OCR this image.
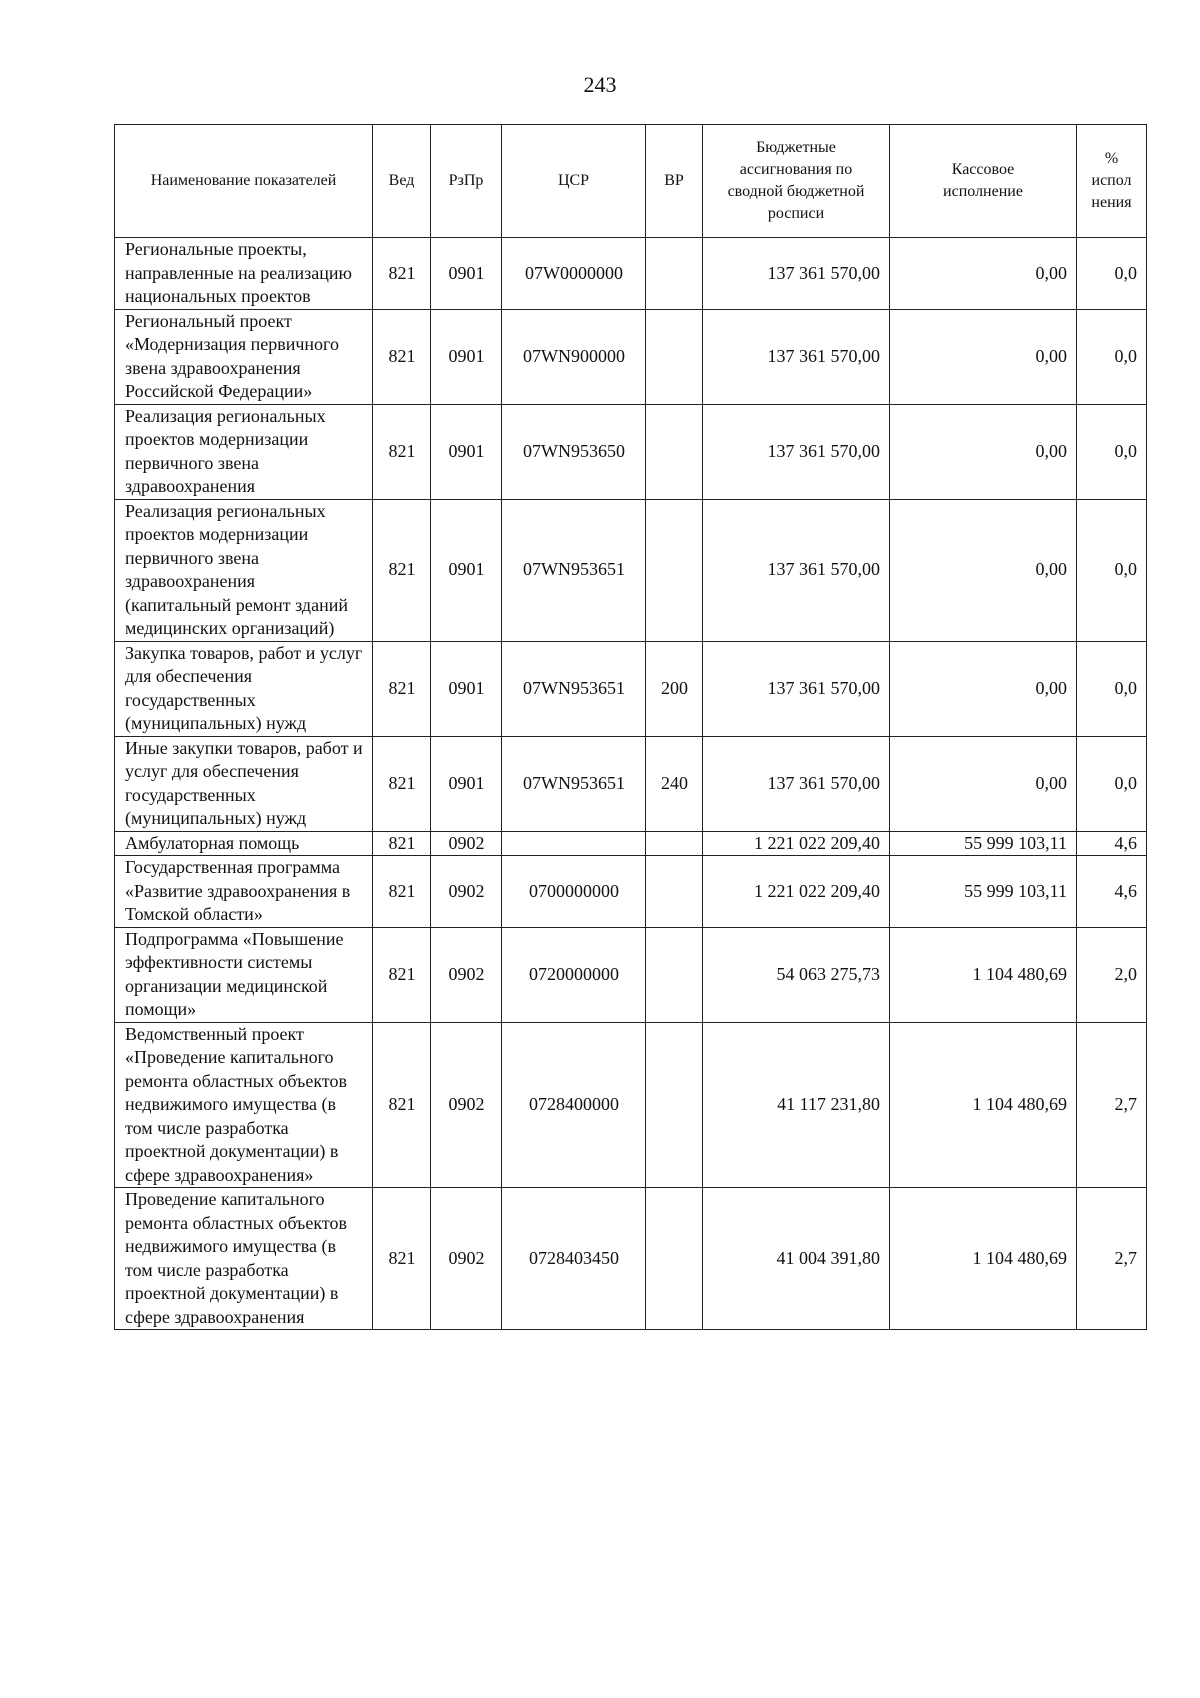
243
Наименование показателей	Вед	РзПр	ЦСР	ВР	Бюджетные ассигнования по сводной бюджетной росписи	Кассовое исполнение	% испол нения
Региональные проекты, направленные на реализацию национальных проектов	821	0901	07W0000000		137 361 570,00	0,00	0,0
Региональный проект «Модернизация первичного звена здравоохранения Российской Федерации»	821	0901	07WN900000		137 361 570,00	0,00	0,0
Реализация региональных проектов модернизации первичного звена здравоохранения	821	0901	07WN953650		137 361 570,00	0,00	0,0
Реализация региональных проектов модернизации первичного звена здравоохранения (капитальный ремонт зданий медицинских организаций)	821	0901	07WN953651		137 361 570,00	0,00	0,0
Закупка товаров, работ и услуг для обеспечения государственных (муниципальных) нужд	821	0901	07WN953651	200	137 361 570,00	0,00	0,0
Иные закупки товаров, работ и услуг для обеспечения государственных (муниципальных) нужд	821	0901	07WN953651	240	137 361 570,00	0,00	0,0
Амбулаторная помощь	821	0902			1 221 022 209,40	55 999 103,11	4,6
Государственная программа «Развитие здравоохранения в Томской области»	821	0902	0700000000		1 221 022 209,40	55 999 103,11	4,6
Подпрограмма «Повышение эффективности системы организации медицинской помощи»	821	0902	0720000000		54 063 275,73	1 104 480,69	2,0
Ведомственный проект «Проведение капитального ремонта областных объектов недвижимого имущества (в том числе разработка проектной документации) в сфере здравоохранения»	821	0902	0728400000		41 117 231,80	1 104 480,69	2,7
Проведение капитального ремонта областных объектов недвижимого имущества (в том числе разработка проектной документации) в сфере здравоохранения	821	0902	0728403450		41 004 391,80	1 104 480,69	2,7
